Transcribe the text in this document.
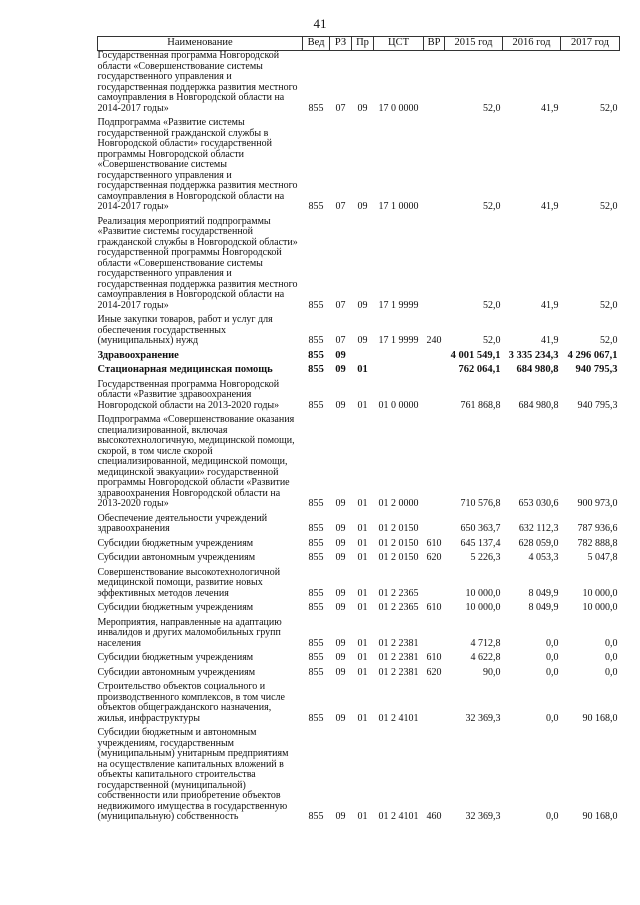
41
Наименование	Вед	РЗ	Пр	ЦСТ	ВР	2015 год	2016 год	2017 год
Государственная программа Новгородской области «Совершенствование системы государственного управления и государственная поддержка развития местного самоуправления в Новгородской области на 2014-2017 годы»	855	07	09	17 0 0000		52,0	41,9	52,0

Подпрограмма «Развитие системы государственной гражданской службы в Новгородской области» государственной программы Новгородской области «Совершенствование системы государственного управления и государственная поддержка развития местного самоуправления в Новгородской области на 2014-2017 годы»	855	07	09	17 1 0000		52,0	41,9	52,0

Реализация мероприятий подпрограммы «Развитие системы государственной гражданской службы в Новгородской области» государственной программы Новгородской области «Совершенствование системы государственного управления и государственная поддержка развития местного самоуправления в Новгородской области на 2014-2017 годы»	855	07	09	17 1 9999		52,0	41,9	52,0

Иные закупки товаров, работ и услуг для обеспечения государственных (муниципальных) нужд	855	07	09	17 1 9999	240	52,0	41,9	52,0

Здравоохранение	855	09				4 001 549,1	3 335 234,3	4 296 067,1

Стационарная медицинская помощь	855	09	01			762 064,1	684 980,8	940 795,3

Государственная программа Новгородской области «Развитие здравоохранения Новгородской области на 2013-2020 годы»	855	09	01	01 0 0000		761 868,8	684 980,8	940 795,3

Подпрограмма «Совершенствование оказания специализированной, включая высокотехнологичную, медицинской помощи, скорой, в том числе скорой специализированной, медицинской помощи, медицинской эвакуации» государственной программы Новгородской области «Развитие здравоохранения Новгородской области на 2013-2020 годы»	855	09	01	01 2 0000		710 576,8	653 030,6	900 973,0

Обеспечение деятельности учреждений здравоохранения	855	09	01	01 2 0150		650 363,7	632 112,3	787 936,6

Субсидии бюджетным учреждениям	855	09	01	01 2 0150	610	645 137,4	628 059,0	782 888,8

Субсидии автономным учреждениям	855	09	01	01 2 0150	620	5 226,3	4 053,3	5 047,8

Совершенствование высокотехнологичной медицинской помощи, развитие новых эффективных методов лечения	855	09	01	01 2 2365		10 000,0	8 049,9	10 000,0

Субсидии бюджетным учреждениям	855	09	01	01 2 2365	610	10 000,0	8 049,9	10 000,0

Мероприятия, направленные на адаптацию инвалидов и других маломобильных групп населения	855	09	01	01 2 2381		4 712,8	0,0	0,0

Субсидии бюджетным учреждениям	855	09	01	01 2 2381	610	4 622,8	0,0	0,0

Субсидии автономным учреждениям	855	09	01	01 2 2381	620	90,0	0,0	0,0

Строительство объектов социального и производственного комплексов, в том числе объектов общегражданского назначения, жилья, инфраструктуры	855	09	01	01 2 4101		32 369,3	0,0	90 168,0

Субсидии бюджетным и автономным учреждениям, государственным (муниципальным) унитарным предприятиям на осуществление капитальных вложений в объекты капитального строительства государственной (муниципальной) собственности или приобретение объектов недвижимого имущества в государственную (муниципальную) собственность	855	09	01	01 2 4101	460	32 369,3	0,0	90 168,0
